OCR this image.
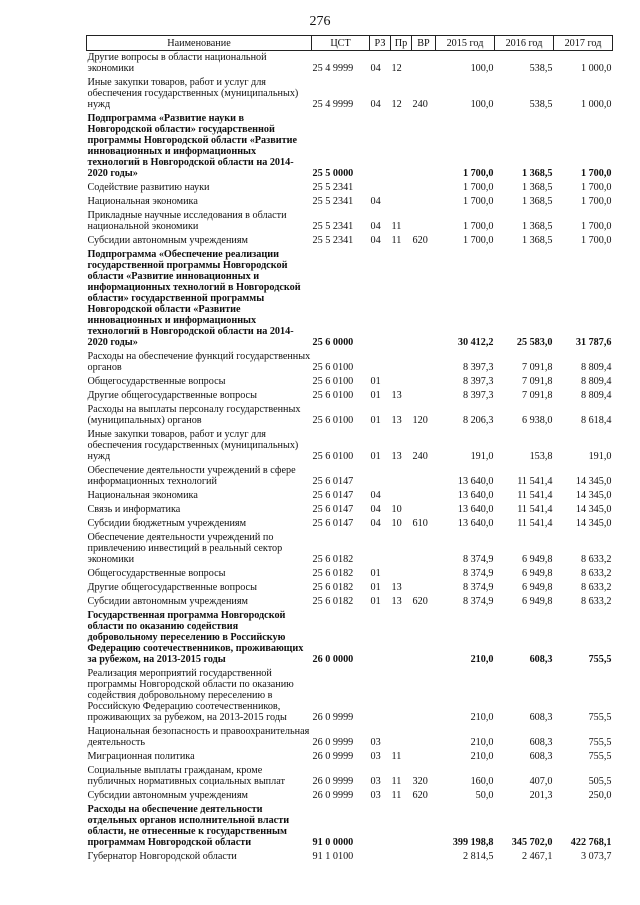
276
Наименование	ЦСТ	РЗ	Пр	ВР	2015 год	2016 год	2017 год
Другие вопросы в области национальной экономики	25 4 9999	04	12		100,0	538,5	1 000,0
Иные закупки товаров, работ и услуг для обеспечения государственных (муниципальных) нужд	25 4 9999	04	12	240	100,0	538,5	1 000,0
Подпрограмма «Развитие науки в Новгородской области» государственной программы Новгородской области «Развитие инновационных и информационных технологий в Новгородской области на 2014-2020 годы»	25 5 0000				1 700,0	1 368,5	1 700,0
Содействие развитию науки	25 5 2341				1 700,0	1 368,5	1 700,0
Национальная экономика	25 5 2341	04			1 700,0	1 368,5	1 700,0
Прикладные научные исследования в области национальной экономики	25 5 2341	04	11		1 700,0	1 368,5	1 700,0
Субсидии автономным учреждениям	25 5 2341	04	11	620	1 700,0	1 368,5	1 700,0
Подпрограмма «Обеспечение реализации государственной программы Новгородской области «Развитие инновационных и информационных технологий в Новгородской области» государственной программы Новгородской области «Развитие инновационных и информационных технологий в Новгородской области на 2014-2020 годы»	25 6 0000				30 412,2	25 583,0	31 787,6
Расходы на обеспечение функций государственных органов	25 6 0100				8 397,3	7 091,8	8 809,4
Общегосударственные вопросы	25 6 0100	01			8 397,3	7 091,8	8 809,4
Другие общегосударственные вопросы	25 6 0100	01	13		8 397,3	7 091,8	8 809,4
Расходы на выплаты персоналу государственных (муниципальных) органов	25 6 0100	01	13	120	8 206,3	6 938,0	8 618,4
Иные закупки товаров, работ и услуг для обеспечения государственных (муниципальных) нужд	25 6 0100	01	13	240	191,0	153,8	191,0
Обеспечение деятельности учреждений в сфере информационных технологий	25 6 0147				13 640,0	11 541,4	14 345,0
Национальная экономика	25 6 0147	04			13 640,0	11 541,4	14 345,0
Связь и информатика	25 6 0147	04	10		13 640,0	11 541,4	14 345,0
Субсидии бюджетным учреждениям	25 6 0147	04	10	610	13 640,0	11 541,4	14 345,0
Обеспечение деятельности учреждений по привлечению инвестиций в реальный сектор экономики	25 6 0182				8 374,9	6 949,8	8 633,2
Общегосударственные вопросы	25 6 0182	01			8 374,9	6 949,8	8 633,2
Другие общегосударственные вопросы	25 6 0182	01	13		8 374,9	6 949,8	8 633,2
Субсидии автономным учреждениям	25 6 0182	01	13	620	8 374,9	6 949,8	8 633,2
Государственная программа Новгородской области по оказанию содействия добровольному переселению в Российскую Федерацию соотечественников, проживающих за рубежом, на 2013-2015 годы	26 0 0000				210,0	608,3	755,5
Реализация мероприятий государственной программы Новгородской области по оказанию содействия добровольному переселению в Российскую Федерацию соотечественников, проживающих за рубежом, на 2013-2015 годы	26 0 9999				210,0	608,3	755,5
Национальная безопасность и правоохранительная деятельность	26 0 9999	03			210,0	608,3	755,5
Миграционная политика	26 0 9999	03	11		210,0	608,3	755,5
Социальные выплаты гражданам, кроме публичных нормативных социальных выплат	26 0 9999	03	11	320	160,0	407,0	505,5
Субсидии автономным учреждениям	26 0 9999	03	11	620	50,0	201,3	250,0
Расходы на обеспечение деятельности отдельных органов исполнительной власти области, не отнесенные к государственным программам Новгородской области	91 0 0000				399 198,8	345 702,0	422 768,1
Губернатор Новгородской области	91 1 0100				2 814,5	2 467,1	3 073,7
